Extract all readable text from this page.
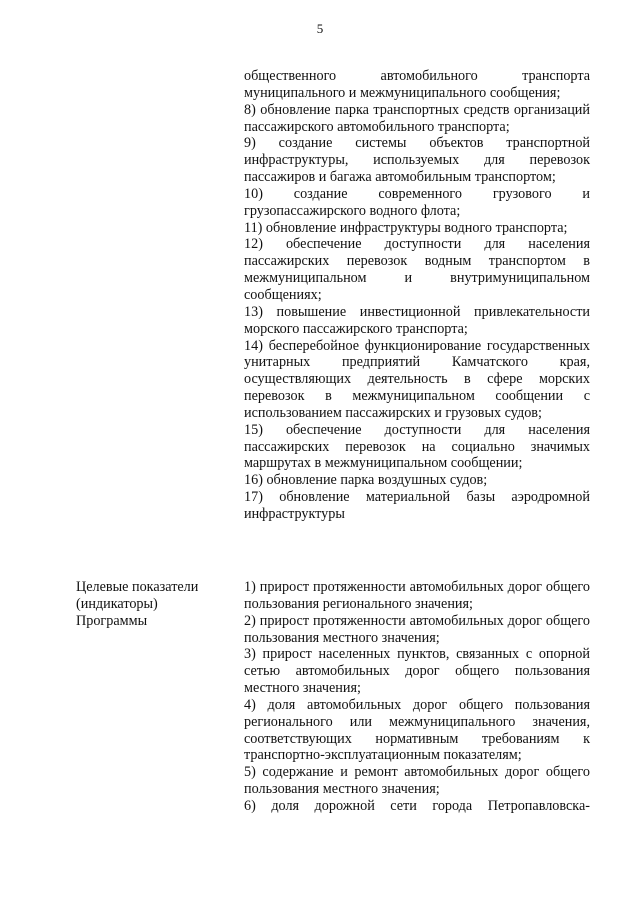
5

общественного автомобильного транспорта муниципального и межмуниципального сообщения;

8) обновление парка транспортных средств организаций пассажирского автомобильного транспорта;

9) создание системы объектов транспортной инфраструктуры, используемых для перевозок пассажиров и багажа автомобильным транспортом;

10) создание современного грузового и грузопассажирского водного флота;

11) обновление инфраструктуры водного транспорта;

12) обеспечение доступности для населения пассажирских перевозок водным транспортом в межмуниципальном и внутримуниципальном сообщениях;

13) повышение инвестиционной привлекательности морского пассажирского транспорта;

14) бесперебойное функционирование государственных унитарных предприятий Камчатского края, осуществляющих деятельность в сфере морских перевозок в межмуниципальном сообщении с использованием пассажирских и грузовых судов;

15) обеспечение доступности для населения пассажирских перевозок на социально значимых маршрутах в межмуниципальном сообщении;

16) обновление парка воздушных судов;

17) обновление материальной базы аэродромной инфраструктуры

Целевые показатели
(индикаторы)
Программы

1) прирост протяженности автомобильных дорог общего пользования регионального значения;

2) прирост протяженности автомобильных дорог общего пользования местного значения;

3) прирост населенных пунктов, связанных с опорной сетью автомобильных дорог общего пользования местного значения;

4) доля автомобильных дорог общего пользования регионального или межмуниципального значения, соответствующих нормативным требованиям к транспортно-эксплуатационным показателям;

5) содержание и ремонт автомобильных дорог общего пользования местного значения;

6) доля дорожной сети города Петропавловска-
